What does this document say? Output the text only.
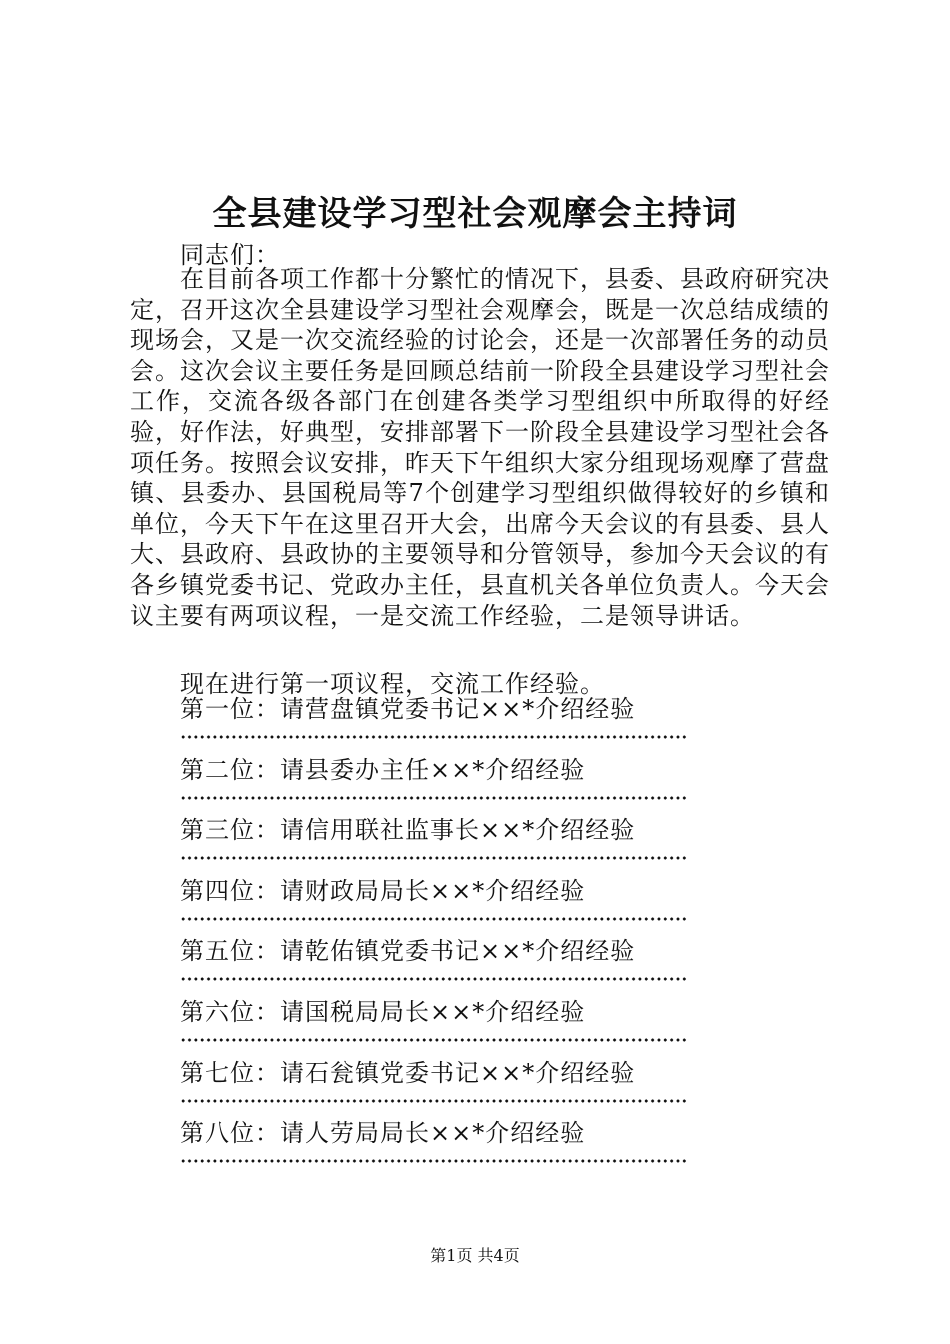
全县建设学习型社会观摩会主持词

同志们：

在目前各项工作都十分繁忙的情况下，县委、县政府研究决定，召开这次全县建设学习型社会观摩会，既是一次总结成绩的现场会，又是一次交流经验的讨论会，还是一次部署任务的动员会。这次会议主要任务是回顾总结前一阶段全县建设学习型社会工作，交流各级各部门在创建各类学习型组织中所取得的好经验，好作法，好典型，安排部署下一阶段全县建设学习型社会各项任务。按照会议安排，昨天下午组织大家分组现场观摩了营盘镇、县委办、县国税局等7个创建学习型组织做得较好的乡镇和单位，今天下午在这里召开大会，出席今天会议的有县委、县人大、县政府、县政协的主要领导和分管领导，参加今天会议的有各乡镇党委书记、党政办主任，县直机关各单位负责人。今天会议主要有两项议程，一是交流工作经验，二是领导讲话。

现在进行第一项议程，交流工作经验。

第一位：请营盘镇党委书记××*介绍经验
第二位：请县委办主任××*介绍经验
第三位：请信用联社监事长××*介绍经验
第四位：请财政局局长××*介绍经验
第五位：请乾佑镇党委书记××*介绍经验
第六位：请国税局局长××*介绍经验
第七位：请石瓮镇党委书记××*介绍经验
第八位：请人劳局局长××*介绍经验

第1页 共4页
